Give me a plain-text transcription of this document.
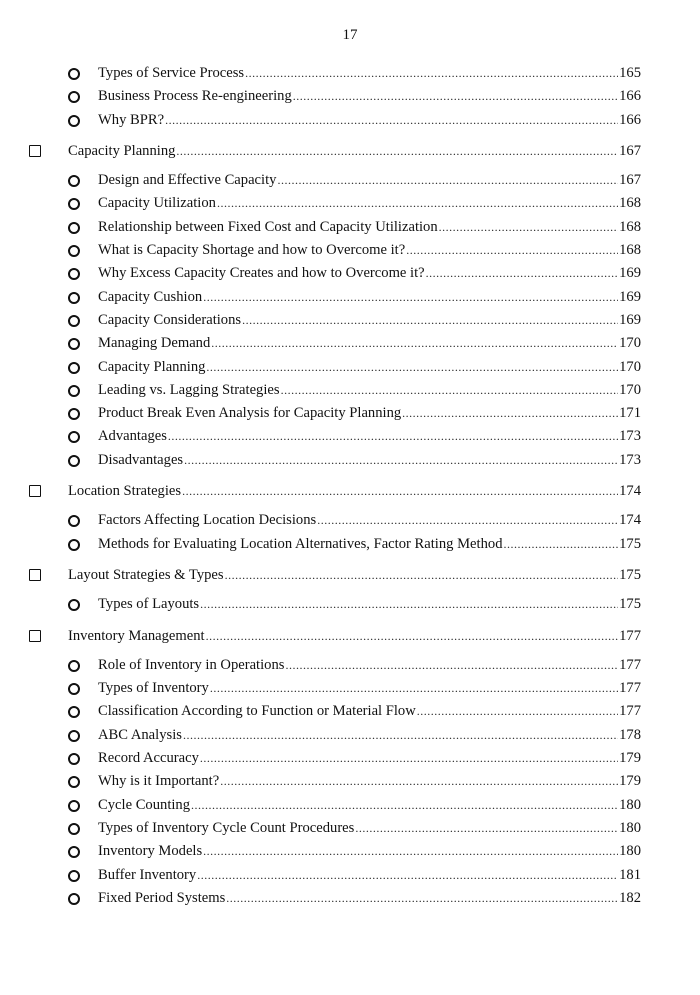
17
Types of Service Process .....	165
Business Process Re-engineering .....	166
Why BPR? .....	166
Capacity Planning .....	167
Design and Effective Capacity .....	167
Capacity Utilization .....	168
Relationship between Fixed Cost and Capacity Utilization .....	168
What is Capacity Shortage and how to Overcome it? .....	168
Why Excess Capacity Creates and how to Overcome it? .....	169
Capacity Cushion .....	169
Capacity Considerations .....	169
Managing Demand .....	170
Capacity Planning .....	170
Leading vs. Lagging Strategies .....	170
Product Break Even Analysis for Capacity Planning .....	171
Advantages .....	173
Disadvantages .....	173
Location Strategies .....	174
Factors Affecting Location Decisions .....	174
Methods for Evaluating Location Alternatives, Factor Rating Method .....	175
Layout Strategies & Types .....	175
Types of Layouts .....	175
Inventory Management .....	177
Role of Inventory in Operations .....	177
Types of Inventory .....	177
Classification According to Function or Material Flow .....	177
ABC Analysis .....	178
Record Accuracy .....	179
Why is it Important? .....	179
Cycle Counting .....	180
Types of Inventory Cycle Count Procedures .....	180
Inventory Models .....	180
Buffer Inventory .....	181
Fixed Period Systems .....	182
